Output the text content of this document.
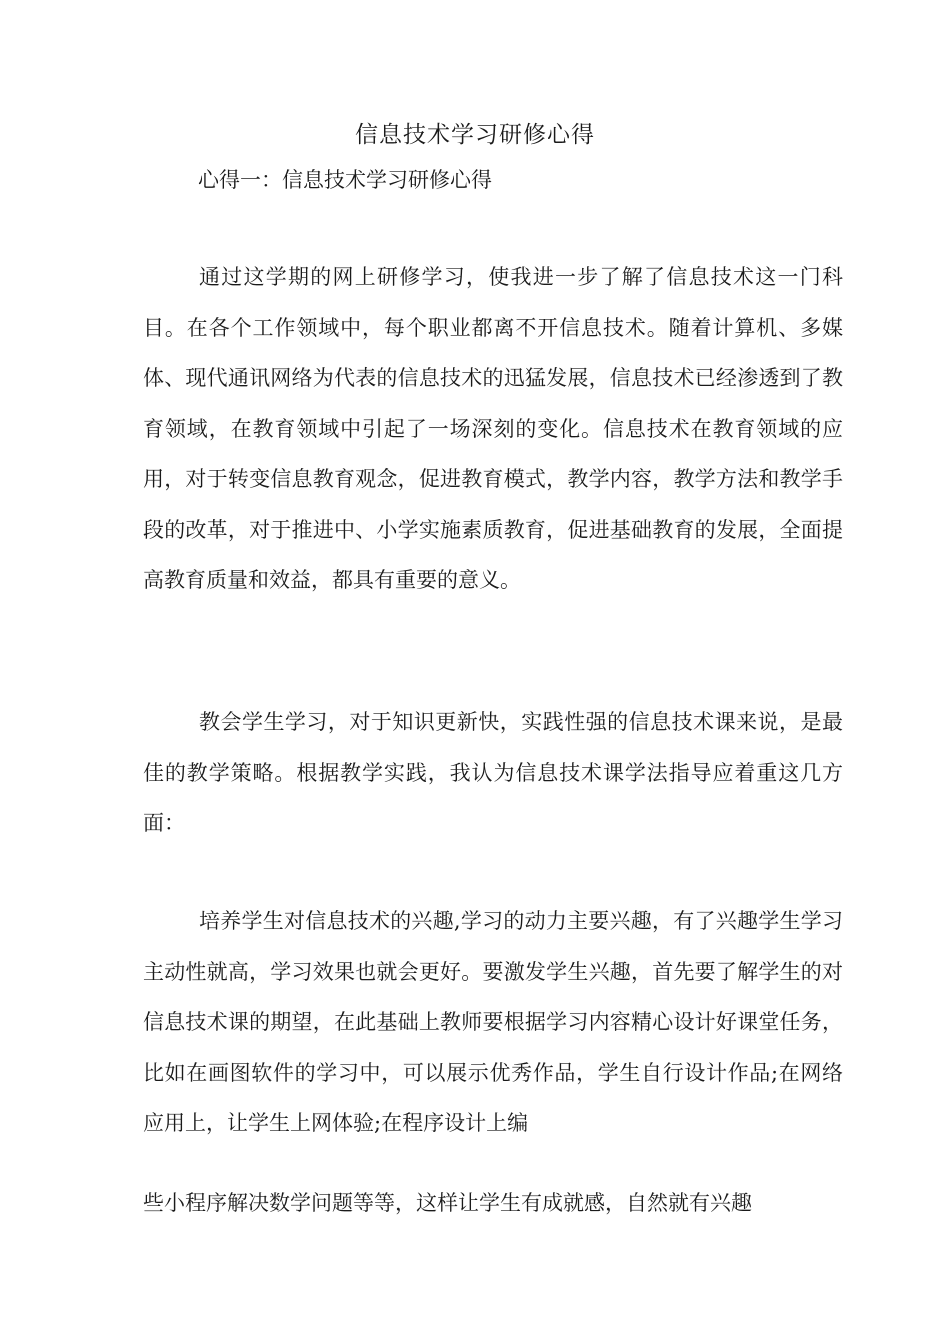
信息技术学习研修心得
心得一：信息技术学习研修心得

通过这学期的网上研修学习，使我进一步了解了信息技术这一门科目。在各个工作领域中，每个职业都离不开信息技术。随着计算机、多媒体、现代通讯网络为代表的信息技术的迅猛发展，信息技术已经渗透到了教育领域，在教育领域中引起了一场深刻的变化。信息技术在教育领域的应用，对于转变信息教育观念，促进教育模式，教学内容，教学方法和教学手段的改革，对于推进中、小学实施素质教育，促进基础教育的发展，全面提高教育质量和效益，都具有重要的意义。

教会学生学习，对于知识更新快，实践性强的信息技术课来说，是最佳的教学策略。根据教学实践，我认为信息技术课学法指导应着重这几方面：

培养学生对信息技术的兴趣,学习的动力主要兴趣，有了兴趣学生学习主动性就高，学习效果也就会更好。要激发学生兴趣，首先要了解学生的对信息技术课的期望，在此基础上教师要根据学习内容精心设计好课堂任务，比如在画图软件的学习中，可以展示优秀作品，学生自行设计作品;在网络应用上，让学生上网体验;在程序设计上编

些小程序解决数学问题等等，这样让学生有成就感，自然就有兴趣
